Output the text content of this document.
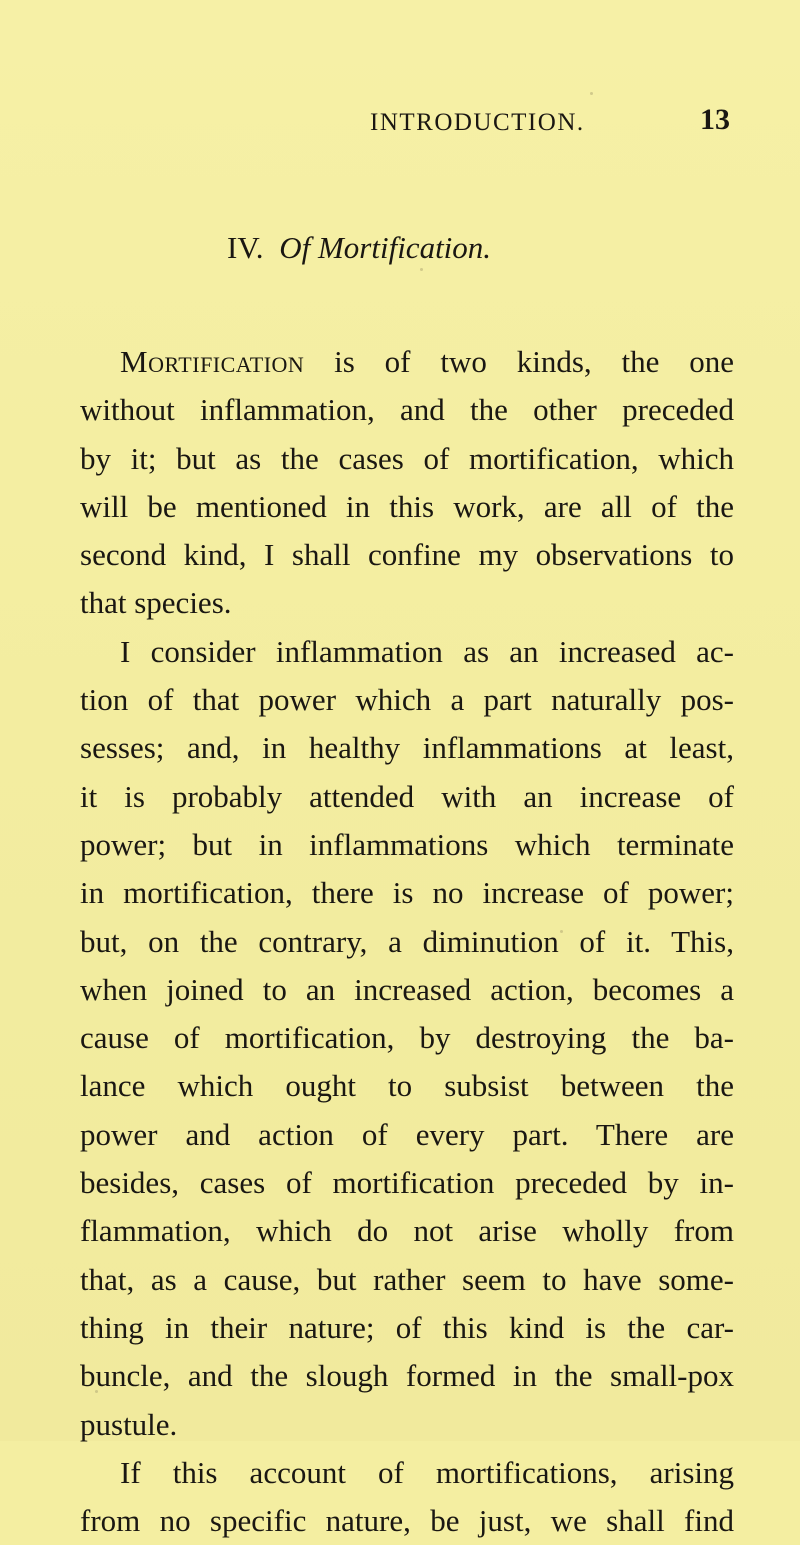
INTRODUCTION.	13
IV. Of Mortification.
Mortification is of two kinds, the one
without inflammation, and the other preceded
by it; but as the cases of mortification, which
will be mentioned in this work, are all of the
second kind, I shall confine my observations to
that species.
I consider inflammation as an increased ac-
tion of that power which a part naturally pos-
sesses; and, in healthy inflammations at least,
it is probably attended with an increase of
power; but in inflammations which terminate
in mortification, there is no increase of power;
but, on the contrary, a diminution of it. This,
when joined to an increased action, becomes a
cause of mortification, by destroying the ba-
lance which ought to subsist between the
power and action of every part. There are
besides, cases of mortification preceded by in-
flammation, which do not arise wholly from
that, as a cause, but rather seem to have some-
thing in their nature; of this kind is the car-
buncle, and the slough formed in the small-pox
pustule.
If this account of mortifications, arising
from no specific nature, be just, we shall find
